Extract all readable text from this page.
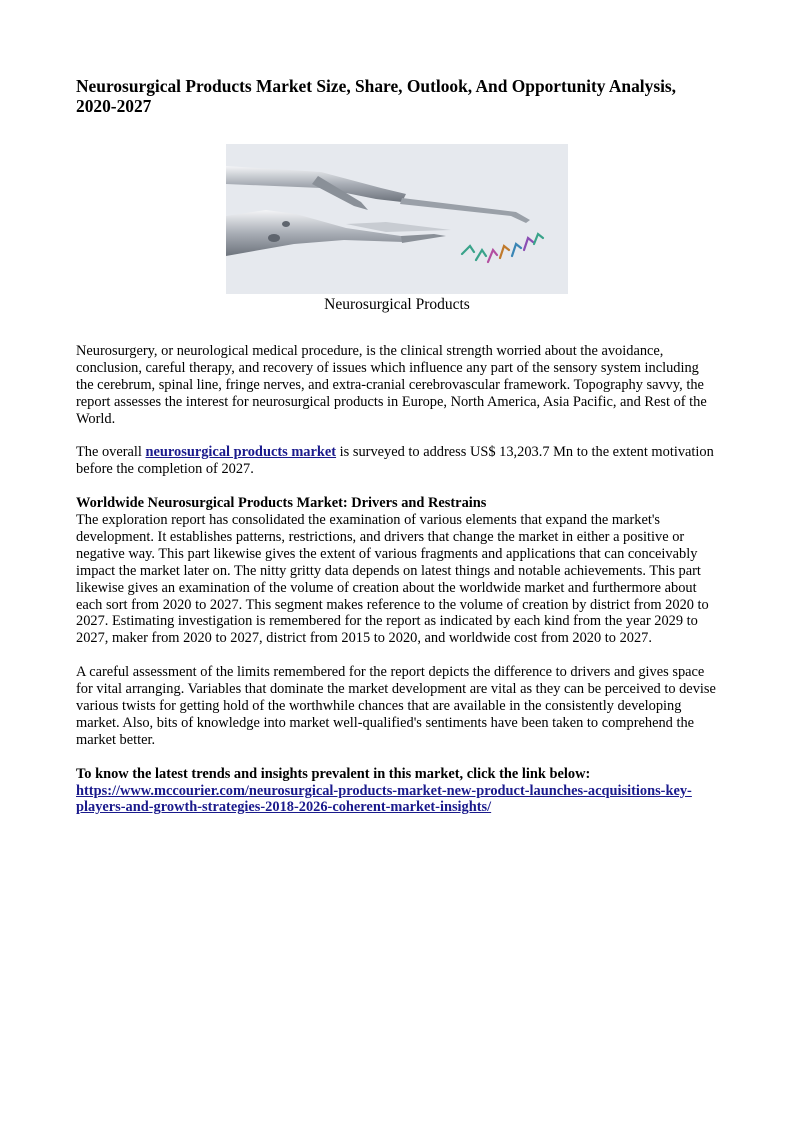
Neurosurgical Products Market Size, Share, Outlook, And Opportunity Analysis, 2020-2027
Neurosurgical Products

Neurosurgery, or neurological medical procedure, is the clinical strength worried about the avoidance, conclusion, careful therapy, and recovery of issues which influence any part of the sensory system including the cerebrum, spinal line, fringe nerves, and extra-cranial cerebrovascular framework. Topography savvy, the report assesses the interest for neurosurgical products in Europe, North America, Asia Pacific, and Rest of the World.

The overall neurosurgical products market is surveyed to address US$ 13,203.7 Mn to the extent motivation before the completion of 2027.

Worldwide Neurosurgical Products Market: Drivers and Restrains

The exploration report has consolidated the examination of various elements that expand the market's development. It establishes patterns, restrictions, and drivers that change the market in either a positive or negative way. This part likewise gives the extent of various fragments and applications that can conceivably impact the market later on. The nitty gritty data depends on latest things and notable achievements. This part likewise gives an examination of the volume of creation about the worldwide market and furthermore about each sort from 2020 to 2027. This segment makes reference to the volume of creation by district from 2020 to 2027. Estimating investigation is remembered for the report as indicated by each kind from the year 2029 to 2027, maker from 2020 to 2027, district from 2015 to 2020, and worldwide cost from 2020 to 2027.

A careful assessment of the limits remembered for the report depicts the difference to drivers and gives space for vital arranging. Variables that dominate the market development are vital as they can be perceived to devise various twists for getting hold of the worthwhile chances that are available in the consistently developing market. Also, bits of knowledge into market well-qualified's sentiments have been taken to comprehend the market better.

To know the latest trends and insights prevalent in this market, click the link below:

https://www.mccourier.com/neurosurgical-products-market-new-product-launches-acquisitions-key-players-and-growth-strategies-2018-2026-coherent-market-insights/
